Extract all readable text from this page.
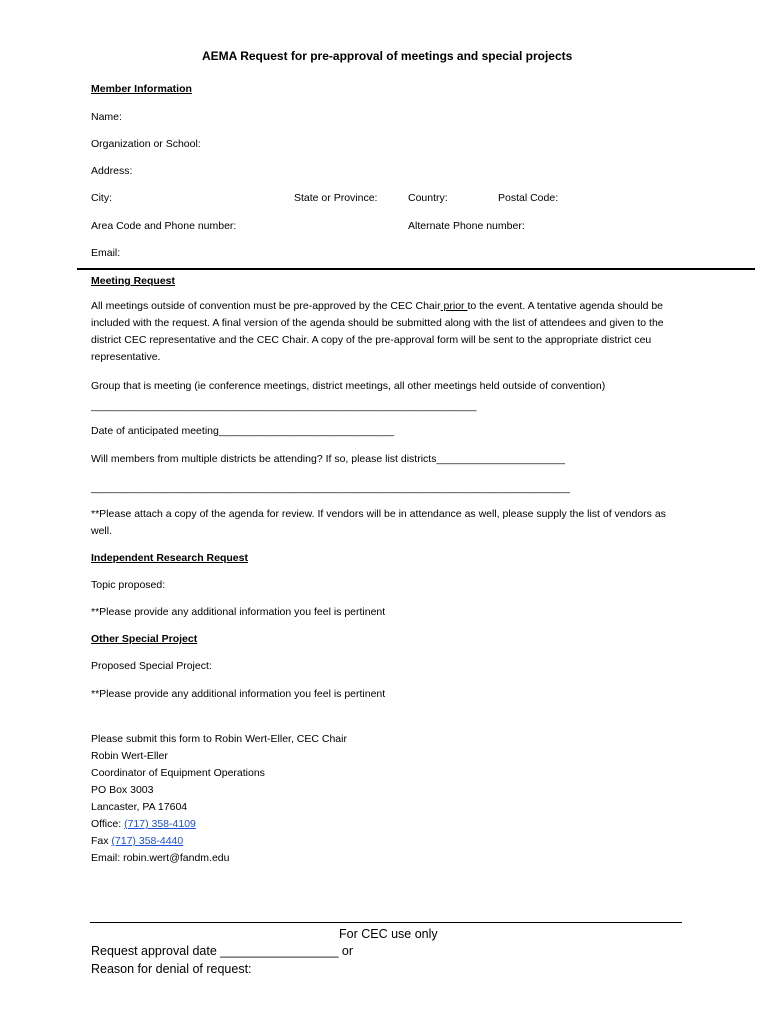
AEMA Request for pre-approval of meetings and special projects
Member Information
Name:
Organization or School:
Address:
City:	State or Province:	Country:	Postal Code:
Area Code and Phone number:	Alternate Phone number:
Email:
Meeting Request
All meetings outside of convention must be pre-approved by the CEC Chair prior to the event. A tentative agenda should be included with the request. A final version of the agenda should be submitted along with the list of attendees and given to the district CEC representative and the CEC Chair. A copy of the pre-approval form will be sent to the appropriate district ceu representative.
Group that is meeting (ie conference meetings, district meetings, all other meetings held outside of convention)
__________________________________________________________________
Date of anticipated meeting______________________________
Will members from multiple districts be attending? If so, please list districts______________________
__________________________________________________________________________________
**Please attach a copy of the agenda for review. If vendors will be in attendance as well, please supply the list of vendors as well.
Independent Research Request
Topic proposed:
**Please provide any additional information you feel is pertinent
Other Special Project
Proposed Special Project:
**Please provide any additional information you feel is pertinent
Please submit this form to Robin Wert-Eller, CEC Chair
Robin Wert-Eller
Coordinator of Equipment Operations
PO Box 3003
Lancaster, PA 17604
Office: (717) 358-4109
Fax (717) 358-4440
Email: robin.wert@fandm.edu
For CEC use only
Request approval date _________________ or
Reason for denial of request:
